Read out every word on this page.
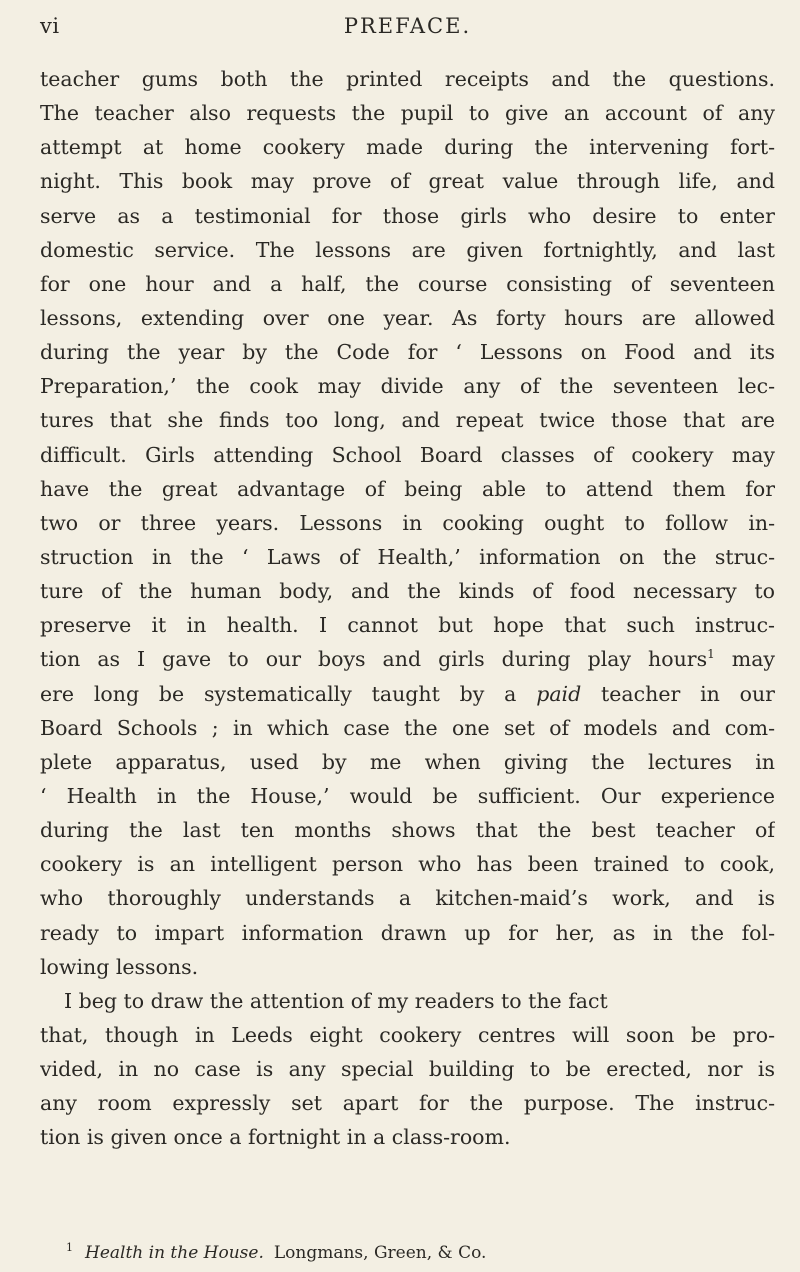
vi	PREFACE.
teacher gums both the printed receipts and the questions.
The teacher also requests the pupil to give an account of any
attempt at home cookery made during the intervening fort-
night. This book may prove of great value through life, and
serve as a testimonial for those girls who desire to enter
domestic service. The lessons are given fortnightly, and last
for one hour and a half, the course consisting of seventeen
lessons, extending over one year. As forty hours are allowed
during the year by the Code for ‘ Lessons on Food and its
Preparation,’ the cook may divide any of the seventeen lec-
tures that she finds too long, and repeat twice those that are
difficult. Girls attending School Board classes of cookery may
have the great advantage of being able to attend them for
two or three years. Lessons in cooking ought to follow in-
struction in the ‘ Laws of Health,’ information on the struc-
ture of the human body, and the kinds of food necessary to
preserve it in health. I cannot but hope that such instruc-
tion as I gave to our boys and girls during play hours$^1$ may
ere long be systematically taught by a paid teacher in our
Board Schools ; in which case the one set of models and com-
plete apparatus, used by me when giving the lectures in
‘ Health in the House,’ would be sufficient. Our experience
during the last ten months shows that the best teacher of
cookery is an intelligent person who has been trained to cook,
who thoroughly understands a kitchen-maid’s work, and is
ready to impart information drawn up for her, as in the fol-
lowing lessons.
I beg to draw the attention of my readers to the fact
that, though in Leeds eight cookery centres will soon be pro-
vided, in no case is any special building to be erected, nor is
any room expressly set apart for the purpose. The instruc-
tion is given once a fortnight in a class-room.
1 Health in the House. Longmans, Green, & Co.
